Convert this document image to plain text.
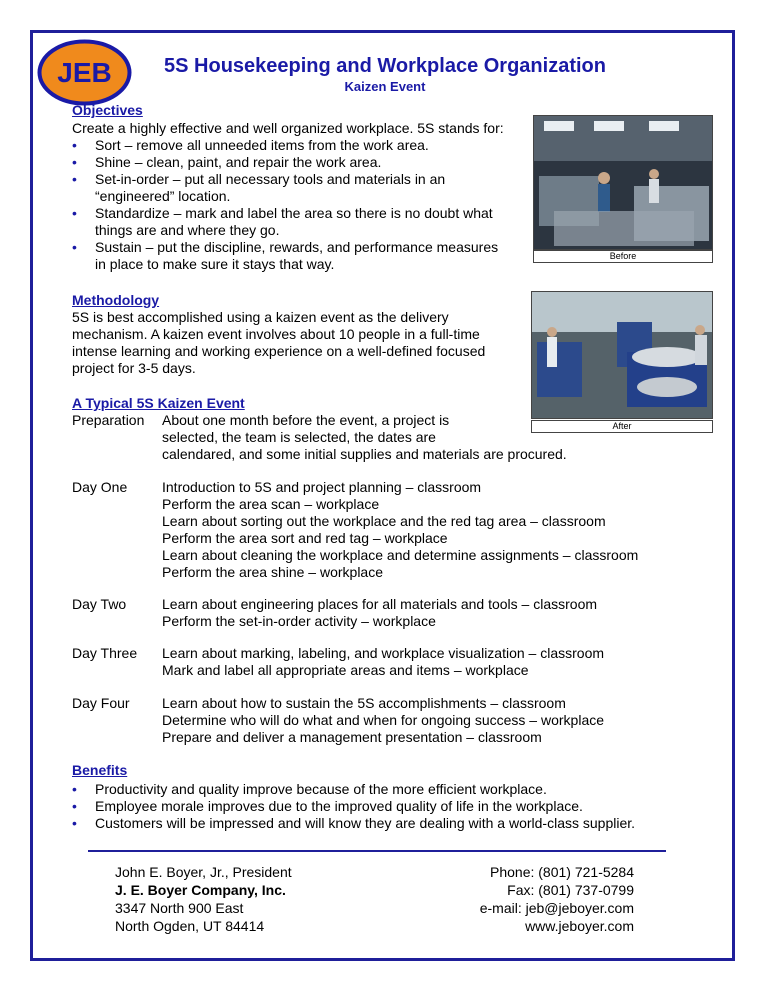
JEB	5S Housekeeping and Workplace Organization
Kaizen Event
Objectives
Create a highly effective and well organized workplace. 5S stands for:
• Sort – remove all unneeded items from the work area.
• Shine – clean, paint, and repair the work area.
• Set-in-order – put all necessary tools and materials in an
“engineered” location.
• Standardize – mark and label the area so there is no doubt what
things are and where they go.
• Sustain – put the discipline, rewards, and performance measures
in place to make sure it stays that way.	Before
After
Methodology
5S is best accomplished using a kaizen event as the delivery
mechanism. A kaizen event involves about 10 people in a full-time
intense learning and working experience on a well-defined focused
project for 3-5 days.
A Typical 5S Kaizen Event
Preparation	About one month before the event, a project is
selected, the team is selected, the dates are
calendared, and some initial supplies and materials are procured.
Day One	Introduction to 5S and project planning – classroom
Perform the area scan – workplace
Learn about sorting out the workplace and the red tag area – classroom
Perform the area sort and red tag – workplace
Learn about cleaning the workplace and determine assignments – classroom
Perform the area shine – workplace
Day Two	Learn about engineering places for all materials and tools – classroom
Perform the set-in-order activity – workplace
Day Three	Learn about marking, labeling, and workplace visualization – classroom
Mark and label all appropriate areas and items – workplace
Day Four	Learn about how to sustain the 5S accomplishments – classroom
Determine who will do what and when for ongoing success – workplace
Prepare and deliver a management presentation – classroom
Benefits
• Productivity and quality improve because of the more efficient workplace.
• Employee morale improves due to the improved quality of life in the workplace.
• Customers will be impressed and will know they are dealing with a world-class supplier.
John E. Boyer, Jr., President
J. E. Boyer Company, Inc.
3347 North 900 East
North Ogden, UT 84414
Phone: (801) 721-5284
Fax: (801) 737-0799
e-mail: jeb@jeboyer.com
www.jeboyer.com
